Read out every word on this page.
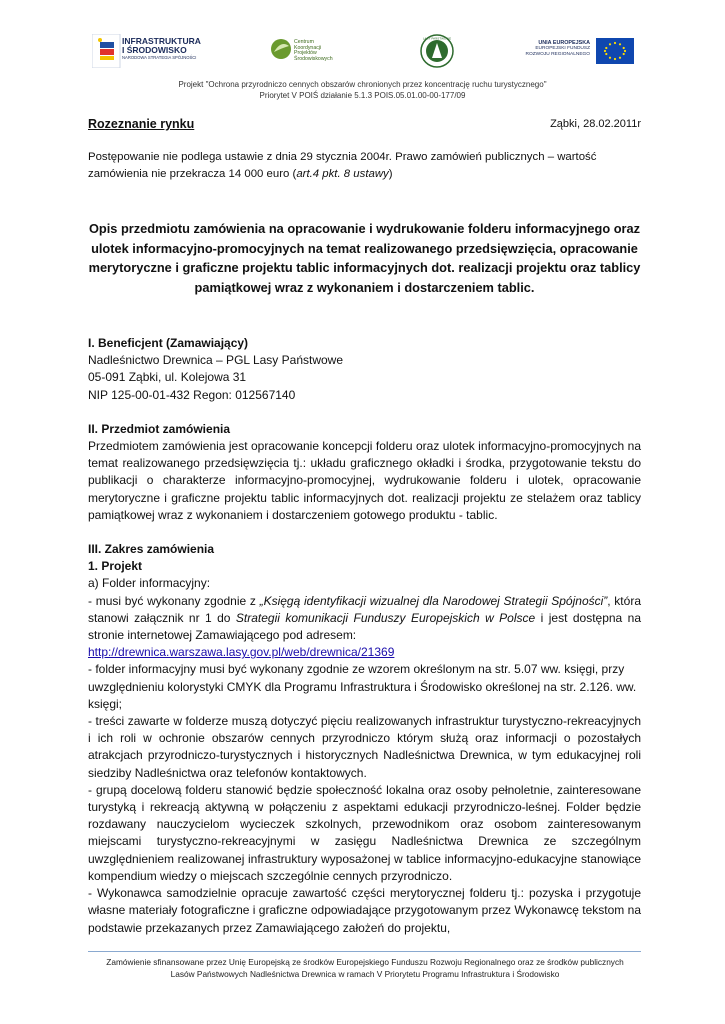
INFRASTRUKTURA
I ŚRODOWISKO
NARODOWA STRATEGIA SPÓJNOŚCI
Centrum
Koordynacji
Projektów
Środowiskowych
LASY PAŃSTWOWE
UNIA EUROPEJSKA
EUROPEJSKI FUNDUSZ
ROZWOJU REGIONALNEGO
Projekt "Ochrona przyrodniczo cennych obszarów chronionych przez koncentrację ruchu turystycznego"
Priorytet V POIŚ działanie 5.1.3 POIS.05.01.00-00-177/09
Rozeznanie rynku	Ząbki, 28.02.2011r
Postępowanie nie podlega ustawie z dnia 29 stycznia 2004r. Prawo zamówień publicznych – wartość zamówienia nie przekracza 14 000 euro (art.4 pkt. 8 ustawy)
Opis przedmiotu zamówienia na opracowanie i wydrukowanie folderu informacyjnego oraz ulotek informacyjno-promocyjnych na temat realizowanego przedsięwzięcia, opracowanie merytoryczne i graficzne projektu tablic informacyjnych dot. realizacji projektu oraz tablicy pamiątkowej wraz z wykonaniem i dostarczeniem tablic.

I. Beneficjent (Zamawiający)

Nadleśnictwo Drewnica – PGL Lasy Państwowe

05-091 Ząbki, ul. Kolejowa 31

NIP 125-00-01-432 Regon: 012567140

II. Przedmiot zamówienia

Przedmiotem zamówienia jest opracowanie koncepcji folderu oraz ulotek informacyjno-promocyjnych na temat realizowanego przedsięwzięcia tj.: układu graficznego okładki i środka, przygotowanie tekstu do publikacji o charakterze informacyjno-promocyjnej, wydrukowanie folderu i ulotek, opracowanie merytoryczne i graficzne projektu tablic informacyjnych dot. realizacji projektu ze stelażem oraz tablicy pamiątkowej wraz z wykonaniem i dostarczeniem gotowego produktu - tablic.

III. Zakres zamówienia

1. Projekt

a) Folder informacyjny:

- musi być wykonany zgodnie z „Księgą identyfikacji wizualnej dla Narodowej Strategii Spójności”, która stanowi załącznik nr 1 do Strategii komunikacji Funduszy Europejskich w Polsce i jest dostępna na stronie internetowej Zamawiającego pod adresem:

http://drewnica.warszawa.lasy.gov.pl/web/drewnica/21369

- folder informacyjny musi być wykonany zgodnie ze wzorem określonym na str. 5.07 ww. księgi, przy uwzględnieniu kolorystyki CMYK dla Programu Infrastruktura i Środowisko określonej na str. 2.126. ww. księgi;

- treści zawarte w folderze muszą dotyczyć pięciu realizowanych infrastruktur turystyczno-rekreacyjnych i ich roli w ochronie obszarów cennych przyrodniczo którym służą oraz informacji o pozostałych atrakcjach przyrodniczo-turystycznych i historycznych Nadleśnictwa Drewnica, w tym edukacyjnej roli siedziby Nadleśnictwa oraz telefonów kontaktowych.

- grupą docelową folderu stanowić będzie społeczność lokalna oraz osoby pełnoletnie, zainteresowane turystyką i rekreacją aktywną w połączeniu z aspektami edukacji przyrodniczo-leśnej. Folder będzie rozdawany nauczycielom wycieczek szkolnych, przewodnikom oraz osobom zainteresowanym miejscami turystyczno-rekreacyjnymi w zasięgu Nadleśnictwa Drewnica ze szczególnym uwzględnieniem realizowanej infrastruktury wyposażonej w tablice informacyjno-edukacyjne stanowiące kompendium wiedzy o miejscach szczególnie cennych przyrodniczo.

- Wykonawca samodzielnie opracuje zawartość części merytorycznej folderu tj.: pozyska i przygotuje własne materiały fotograficzne i graficzne odpowiadające przygotowanym przez Wykonawcę tekstom na podstawie przekazanych przez Zamawiającego założeń do projektu,

Zamówienie sfinansowane przez Unię Europejską ze środków Europejskiego Funduszu Rozwoju Regionalnego oraz ze środków publicznych
Lasów Państwowych Nadleśnictwa Drewnica w ramach V Priorytetu Programu Infrastruktura i Środowisko
